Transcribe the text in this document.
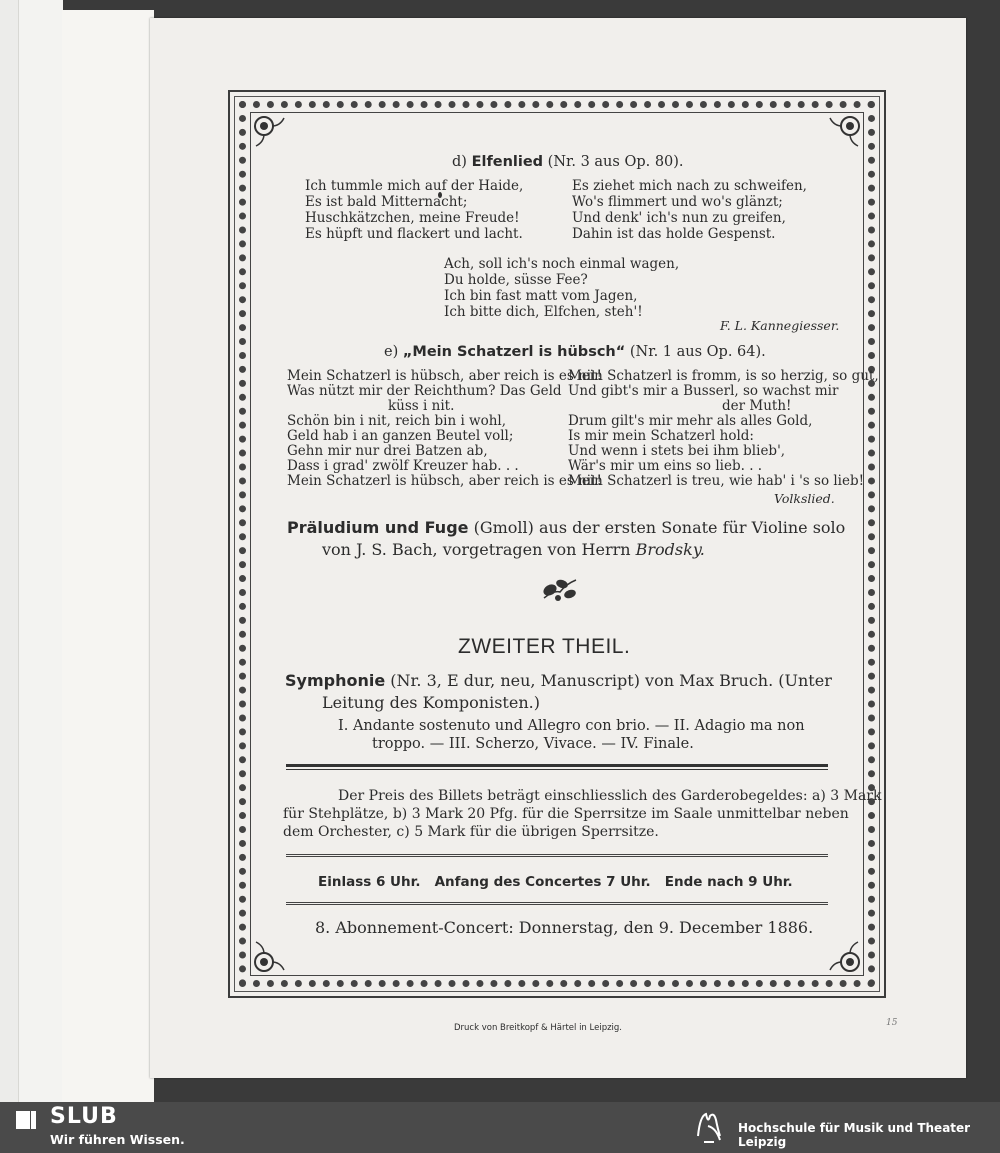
d) Elfenlied (Nr. 3 aus Op. 80).
Ich tummle mich auf der Haide,
Es ist bald Mitternacht;
Huschkätzchen, meine Freude!
Es hüpft und flackert und lacht.
Es ziehet mich nach zu schweifen,
Wo's flimmert und wo's glänzt;
Und denk' ich's nun zu greifen,
Dahin ist das holde Gespenst.
Ach, soll ich's noch einmal wagen,
Du holde, süsse Fee?
Ich bin fast matt vom Jagen,
Ich bitte dich, Elfchen, steh'!
F. L. Kannegiesser.
e) „Mein Schatzerl is hübsch“ (Nr. 1 aus Op. 64).
Mein Schatzerl is hübsch, aber reich is es nit!
Was nützt mir der Reichthum? Das Geld
küss i nit.
Schön bin i nit, reich bin i wohl,
Geld hab i an ganzen Beutel voll;
Gehn mir nur drei Batzen ab,
Dass i grad' zwölf Kreuzer hab. . .
Mein Schatzerl is hübsch, aber reich is es nit!
Mein Schatzerl is fromm, is so herzig, so gut,
Und gibt's mir a Busserl, so wachst mir
der Muth!
Drum gilt's mir mehr als alles Gold,
Is mir mein Schatzerl hold:
Und wenn i stets bei ihm blieb',
Wär's mir um eins so lieb. . .
Mein Schatzerl is treu, wie hab' i 's so lieb!
Volkslied.
Präludium und Fuge (Gmoll) aus der ersten Sonate für Violine solo
von J. S. Bach, vorgetragen von Herrn Brodsky.
ZWEITER THEIL.
Symphonie (Nr. 3, E dur, neu, Manuscript) von Max Bruch. (Unter
Leitung des Komponisten.)
I. Andante sostenuto und Allegro con brio. — II. Adagio ma non
troppo. — III. Scherzo, Vivace. — IV. Finale.
Der Preis des Billets beträgt einschliesslich des Garderobegeldes: a) 3 Mark
für Stehplätze, b) 3 Mark 20 Pfg. für die Sperrsitze im Saale unmittelbar neben
dem Orchester, c) 5 Mark für die übrigen Sperrsitze.
Einlass 6 Uhr.   Anfang des Concertes 7 Uhr.   Ende nach 9 Uhr.
8. Abonnement-Concert: Donnerstag, den 9. December 1886.
Druck von Breitkopf & Härtel in Leipzig.	15
SLUB
Wir führen Wissen.
Hochschule für Musik und Theater Leipzig
